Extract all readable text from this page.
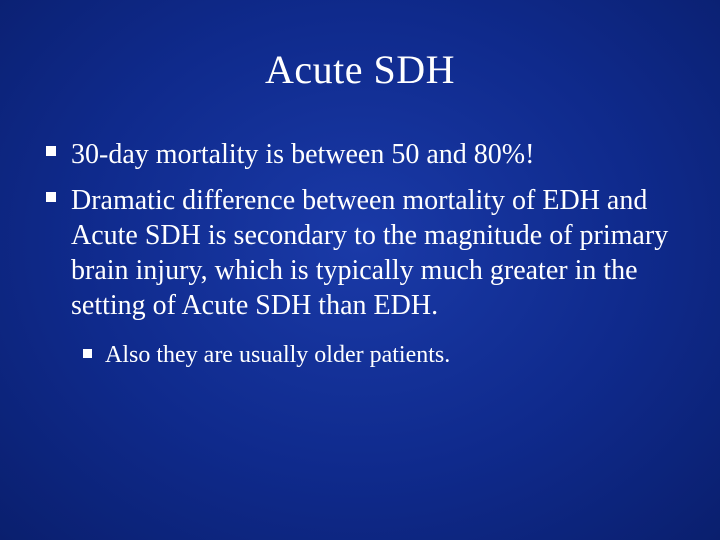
Acute SDH
30-day mortality is between 50 and 80%!
Dramatic difference between mortality of EDH and Acute SDH is secondary to the magnitude of primary brain injury, which is typically much greater in the setting of Acute SDH than EDH.
Also they are usually older patients.
